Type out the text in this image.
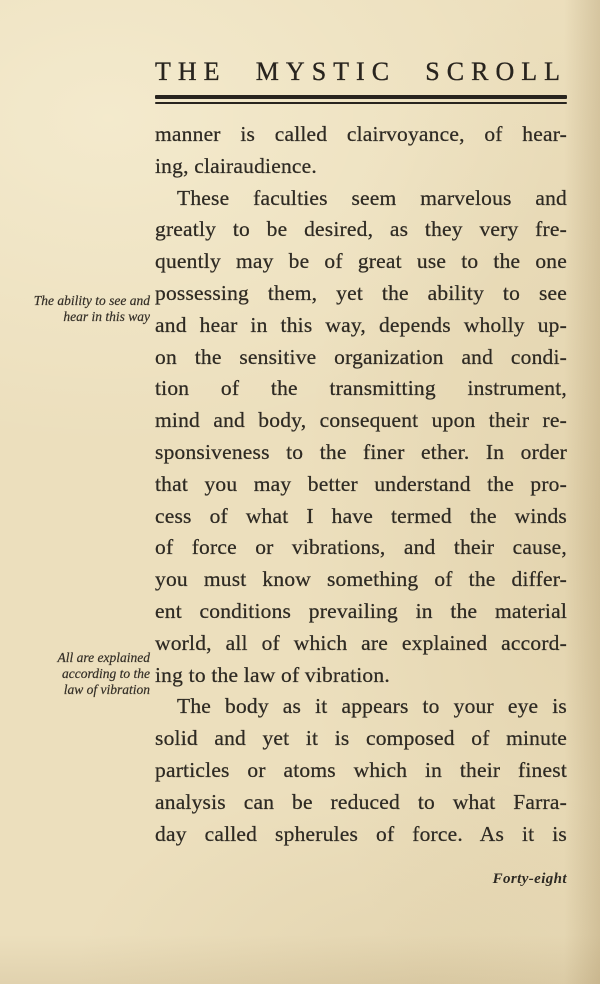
THE MYSTIC SCROLL
The ability to see and
hear in this way
All are explained
according to the
law of vibration
manner is called clairvoyance, of hear-
ing, clairaudience.
These faculties seem marvelous and
greatly to be desired, as they very fre-
quently may be of great use to the one
possessing them, yet the ability to see
and hear in this way, depends wholly up-
on the sensitive organization and condi-
tion of the transmitting instrument,
mind and body, consequent upon their re-
sponsiveness to the finer ether. In order
that you may better understand the pro-
cess of what I have termed the winds
of force or vibrations, and their cause,
you must know something of the differ-
ent conditions prevailing in the material
world, all of which are explained accord-
ing to the law of vibration.
The body as it appears to your eye is
solid and yet it is composed of minute
particles or atoms which in their finest
analysis can be reduced to what Farra-
day called spherules of force. As it is
Forty-eight
